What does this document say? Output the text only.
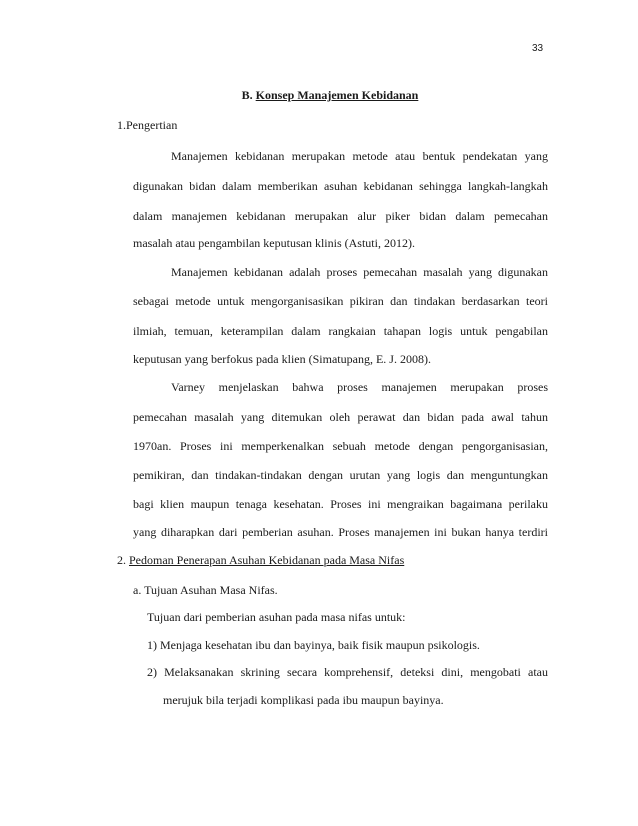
33
B. Konsep Manajemen Kebidanan
1.Pengertian
Manajemen kebidanan merupakan metode atau bentuk pendekatan yang
digunakan bidan dalam memberikan asuhan kebidanan sehingga langkah-langkah
dalam manajemen kebidanan merupakan alur piker bidan dalam pemecahan
masalah atau pengambilan keputusan klinis (Astuti, 2012).
Manajemen kebidanan adalah proses pemecahan masalah yang digunakan
sebagai metode untuk mengorganisasikan pikiran dan tindakan berdasarkan teori
ilmiah, temuan, keterampilan dalam rangkaian tahapan logis untuk pengabilan
keputusan yang berfokus pada klien (Simatupang, E. J. 2008).
Varney menjelaskan bahwa proses manajemen merupakan proses
pemecahan masalah yang ditemukan oleh perawat dan bidan pada awal tahun
1970an. Proses ini memperkenalkan sebuah metode dengan pengorganisasian,
pemikiran, dan tindakan-tindakan dengan urutan yang logis dan menguntungkan
bagi klien maupun tenaga kesehatan. Proses ini mengraikan bagaimana perilaku
yang diharapkan dari pemberian asuhan. Proses manajemen ini bukan hanya terdiri
2. Pedoman Penerapan Asuhan Kebidanan pada Masa Nifas
a. Tujuan Asuhan Masa Nifas.
Tujuan dari pemberian asuhan pada masa nifas untuk:
1) Menjaga kesehatan ibu dan bayinya, baik fisik maupun psikologis.
2) Melaksanakan skrining secara komprehensif, deteksi dini, mengobati atau
merujuk bila terjadi komplikasi pada ibu maupun bayinya.
